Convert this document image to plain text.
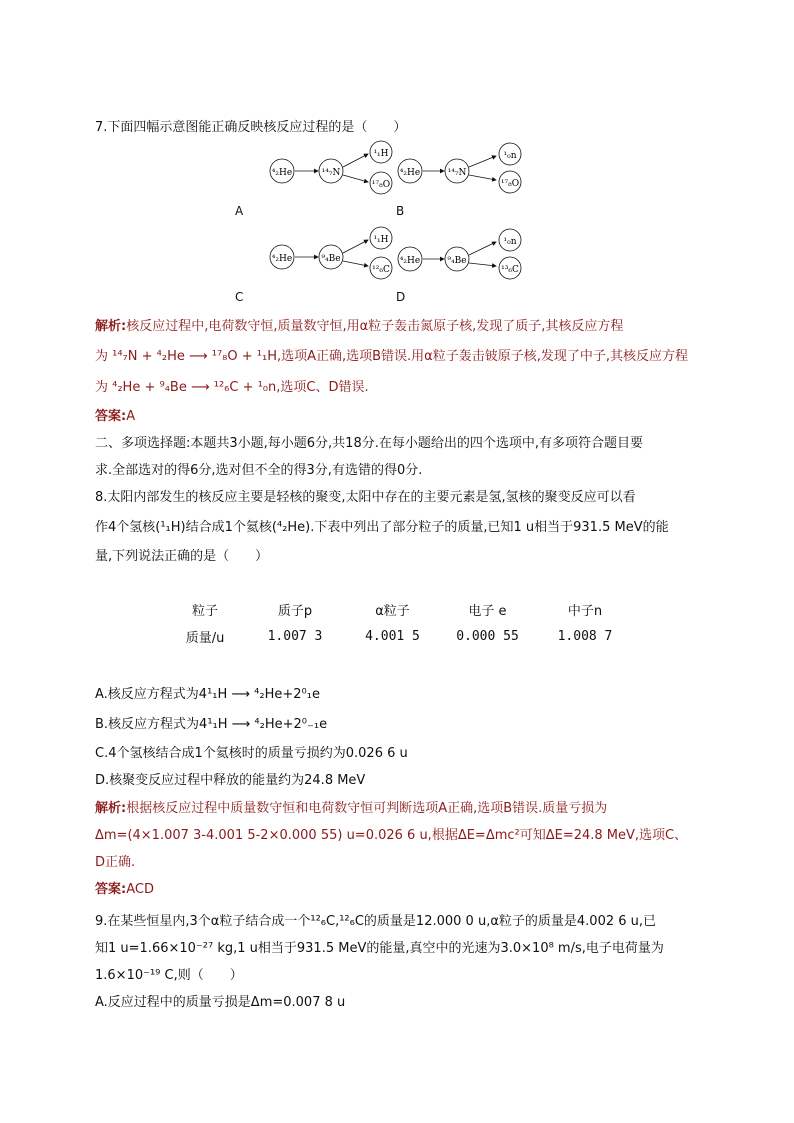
7.下面四幅示意图能正确反映核反应过程的是（　　）
⁴₂He	¹⁴₇N
¹₁H
¹⁷₈O
⁴₂He	¹⁴₇N
¹₀n
¹⁷₈O
A	B
⁴₂He	⁹₄Be
¹₁H
¹²₆C
⁴₂He	⁹₄Be
¹₀n
¹³₆C
C	D
解析:核反应过程中,电荷数守恒,质量数守恒,用α粒子轰击氮原子核,发现了质子,其核反应方程
为 ¹⁴₇N + ⁴₂He ⟶ ¹⁷₈O + ¹₁H,选项A正确,选项B错误.用α粒子轰击铍原子核,发现了中子,其核反应方程
为 ⁴₂He + ⁹₄Be ⟶ ¹²₆C + ¹₀n,选项C、D错误.
答案:A
二、多项选择题:本题共3小题,每小题6分,共18分.在每小题给出的四个选项中,有多项符合题目要
求.全部选对的得6分,选对但不全的得3分,有选错的得0分.
8.太阳内部发生的核反应主要是轻核的聚变,太阳中存在的主要元素是氢,氢核的聚变反应可以看
作4个氢核(¹₁H)结合成1个氦核(⁴₂He).下表中列出了部分粒子的质量,已知1 u相当于931.5 MeV的能
量,下列说法正确的是（　　）
粒子	质子p	α粒子	电子 e	中子n
质量/u	1.007 3	4.001 5	0.000 55	1.008 7
A.核反应方程式为4¹₁H ⟶ ⁴₂He+2⁰₁e
B.核反应方程式为4¹₁H ⟶ ⁴₂He+2⁰₋₁e
C.4个氢核结合成1个氦核时的质量亏损约为0.026 6 u
D.核聚变反应过程中释放的能量约为24.8 MeV
解析:根据核反应过程中质量数守恒和电荷数守恒可判断选项A正确,选项B错误.质量亏损为
Δm=(4×1.007 3-4.001 5-2×0.000 55) u=0.026 6 u,根据ΔE=Δmc²可知ΔE=24.8 MeV,选项C、
D正确.
答案:ACD
9.在某些恒星内,3个α粒子结合成一个¹²₆C,¹²₆C的质量是12.000 0 u,α粒子的质量是4.002 6 u,已
知1 u=1.66×10⁻²⁷ kg,1 u相当于931.5 MeV的能量,真空中的光速为3.0×10⁸ m/s,电子电荷量为
1.6×10⁻¹⁹ C,则（　　）
A.反应过程中的质量亏损是Δm=0.007 8 u
